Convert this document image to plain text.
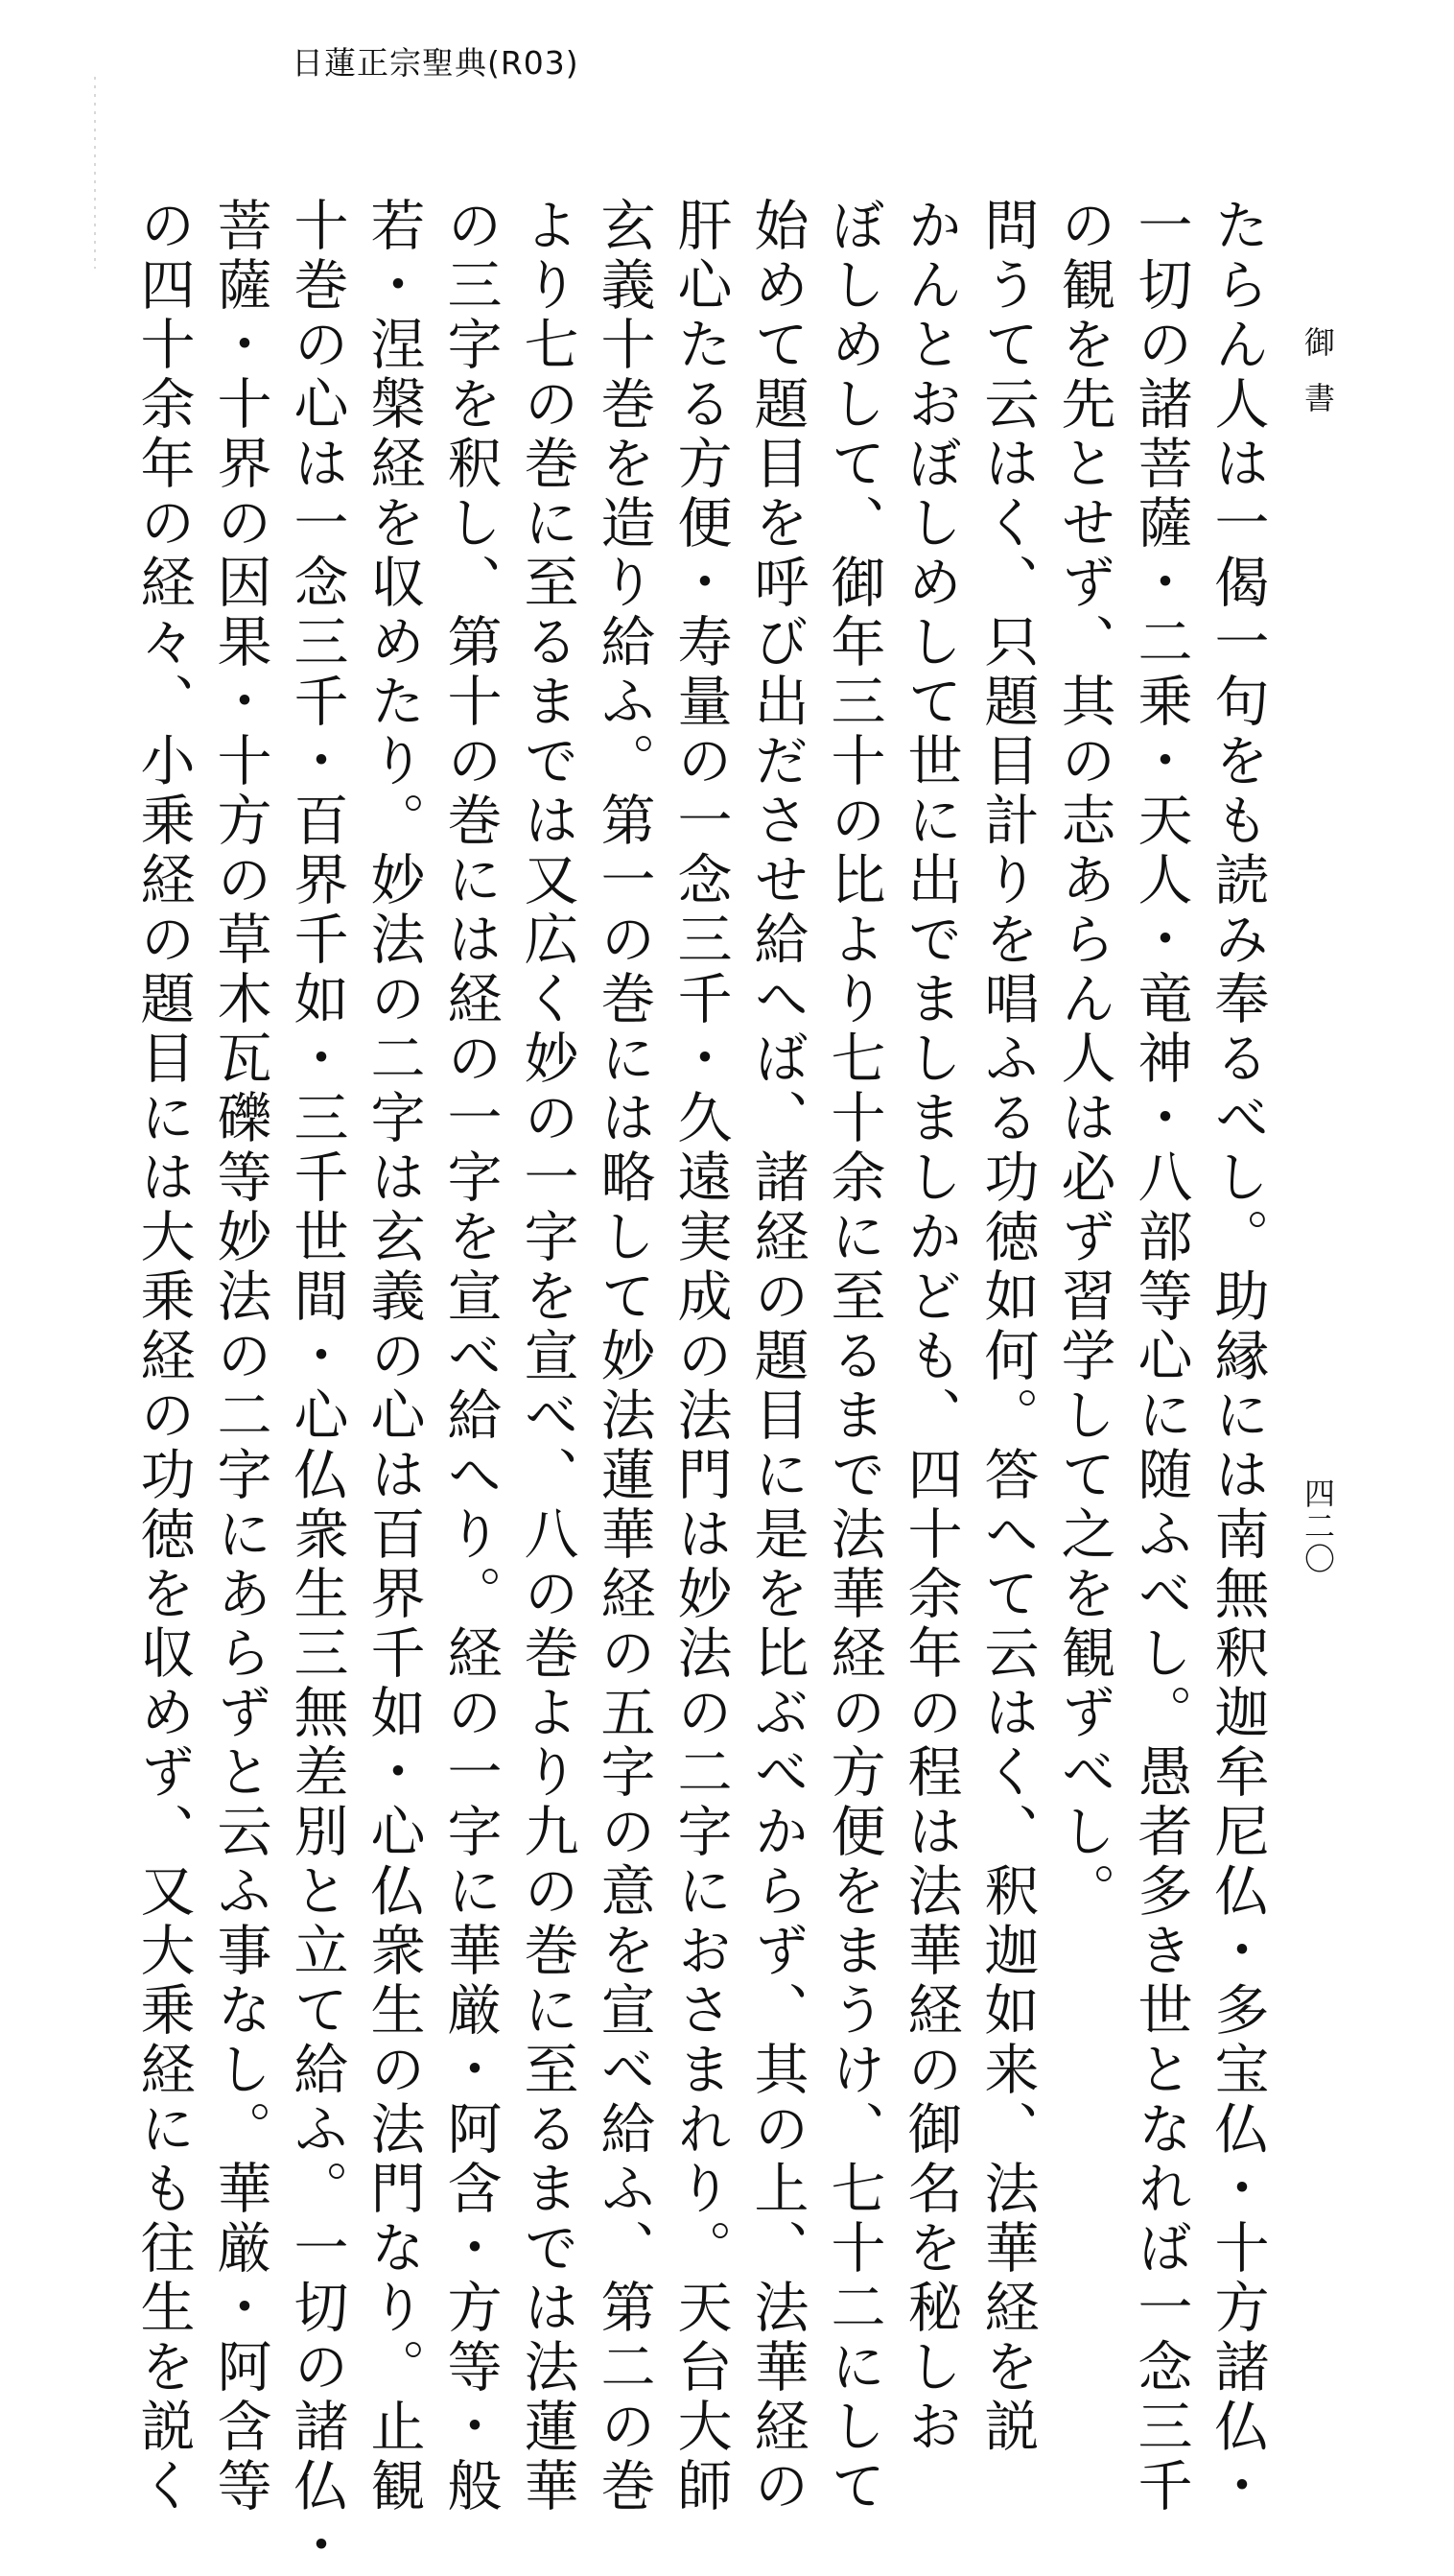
日蓮正宗聖典(R03)
御書
四二〇
たらん人は一偈一句をも読み奉るべし。助縁には南無釈迦牟尼仏・多宝仏・十方諸仏・
一切の諸菩薩・二乗・天人・竜神・八部等心に随ふべし。愚者多き世となれば一念三千
の観を先とせず、其の志あらん人は必ず習学して之を観ずべし。
問うて云はく、只題目計りを唱ふる功徳如何。答へて云はく、釈迦如来、法華経を説
かんとおぼしめして世に出でましましかども、四十余年の程は法華経の御名を秘しお
ぼしめして、御年三十の比より七十余に至るまで法華経の方便をまうけ、七十二にして
始めて題目を呼び出ださせ給へば、諸経の題目に是を比ぶべからず、其の上、法華経の
肝心たる方便・寿量の一念三千・久遠実成の法門は妙法の二字におさまれり。天台大師
玄義十巻を造り給ふ。第一の巻には略して妙法蓮華経の五字の意を宣べ給ふ、第二の巻
より七の巻に至るまでは又広く妙の一字を宣べ、八の巻より九の巻に至るまでは法蓮華
の三字を釈し、第十の巻には経の一字を宣べ給へり。経の一字に華厳・阿含・方等・般
若・涅槃経を収めたり。妙法の二字は玄義の心は百界千如・心仏衆生の法門なり。止観
十巻の心は一念三千・百界千如・三千世間・心仏衆生三無差別と立て給ふ。一切の諸仏・
菩薩・十界の因果・十方の草木瓦礫等妙法の二字にあらずと云ふ事なし。華厳・阿含等
の四十余年の経々、小乗経の題目には大乗経の功徳を収めず、又大乗経にも往生を説く
